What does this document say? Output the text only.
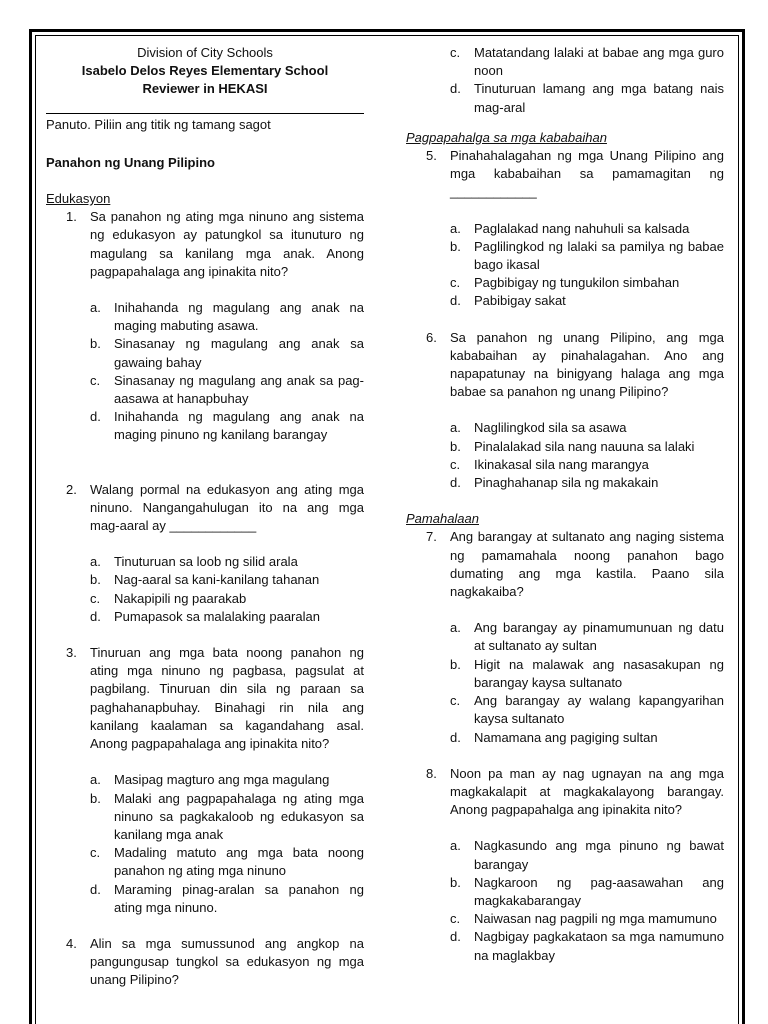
Division of City Schools
Isabelo Delos Reyes Elementary School
Reviewer in HEKASI
Panuto. Piliin ang titik ng tamang sagot
Panahon ng Unang Pilipino
Edukasyon
1. Sa panahon ng ating mga ninuno ang sistema ng edukasyon ay patungkol sa itunuturo ng magulang sa kanilang mga anak. Anong pagpapahalaga ang ipinakita nito?
a. Inihahanda ng magulang ang anak na maging mabuting asawa.
b. Sinasanay ng magulang ang anak sa gawaing bahay
c. Sinasanay ng magulang ang anak sa pag-aasawa at hanapbuhay
d. Inihahanda ng magulang ang anak na maging pinuno ng kanilang barangay
2. Walang pormal na edukasyon ang ating mga ninuno. Nangangahulugan ito na ang mga mag-aaral ay ____________
a. Tinuturuan sa loob ng silid arala
b. Nag-aaral sa kani-kanilang tahanan
c. Nakapipili ng paarakab
d. Pumapasok sa malalaking paaralan
3. Tinuruan ang mga bata noong panahon ng ating mga ninuno ng pagbasa, pagsulat at pagbilang. Tinuruan din sila ng paraan sa paghahanapbuhay. Binahagi rin nila ang kanilang kaalaman sa kagandahang asal. Anong pagpapahalaga ang ipinakita nito?
a. Masipag magturo ang mga magulang
b. Malaki ang pagpapahalaga ng ating mga ninuno sa pagkakaloob ng edukasyon sa kanilang mga anak
c. Madaling matuto ang mga bata noong panahon ng ating mga ninuno
d. Maraming pinag-aralan sa panahon ng ating mga ninuno.
4. Alin sa mga sumussunod ang angkop na pangungusap tungkol sa edukasyon ng mga unang Pilipino?
c. Matatandang lalaki at babae ang mga guro noon
d. Tinuturuan lamang ang mga batang nais mag-aral
Pagpapahalga sa mga kababaihan
5. Pinahahalagahan ng mga Unang Pilipino ang mga kababaihan sa pamamagitan ng ____________
a. Paglalakad nang nahuhuli sa kalsada
b. Paglilingkod ng lalaki sa pamilya ng babae bago ikasal
c. Pagbibigay ng tungukilon simbahan
d. Pabibigay sakat
6. Sa panahon ng unang Pilipino, ang mga kababaihan ay pinahalagahan. Ano ang napapatunay na binigyang halaga ang mga babae sa panahon ng unang Pilipino?
a. Naglilingkod sila sa asawa
b. Pinalalakad sila nang nauuna sa lalaki
c. Ikinakasal sila nang marangya
d. Pinaghahanap sila ng makakain
Pamahalaan
7. Ang barangay at sultanato ang naging sistema ng pamamahala noong panahon bago dumating ang mga kastila. Paano sila nagkakaiba?
a. Ang barangay ay pinamumunuan ng datu at sultanato ay sultan
b. Higit na malawak ang nasasakupan ng barangay kaysa sultanato
c. Ang barangay ay walang kapangyarihan kaysa sultanato
d. Namamana ang pagiging sultan
8. Noon pa man ay nag ugnayan na ang mga magkakalapit at magkakalayong barangay. Anong pagpapahalga ang ipinakita nito?
a. Nagkasundo ang mga pinuno ng bawat barangay
b. Nagkaroon ng pag-aasawahan ang magkakabarangay
c. Naiwasan nag pagpili ng mga mamumuno
d. Nagbigay pagkakataon sa mga namumuno na maglakbay
